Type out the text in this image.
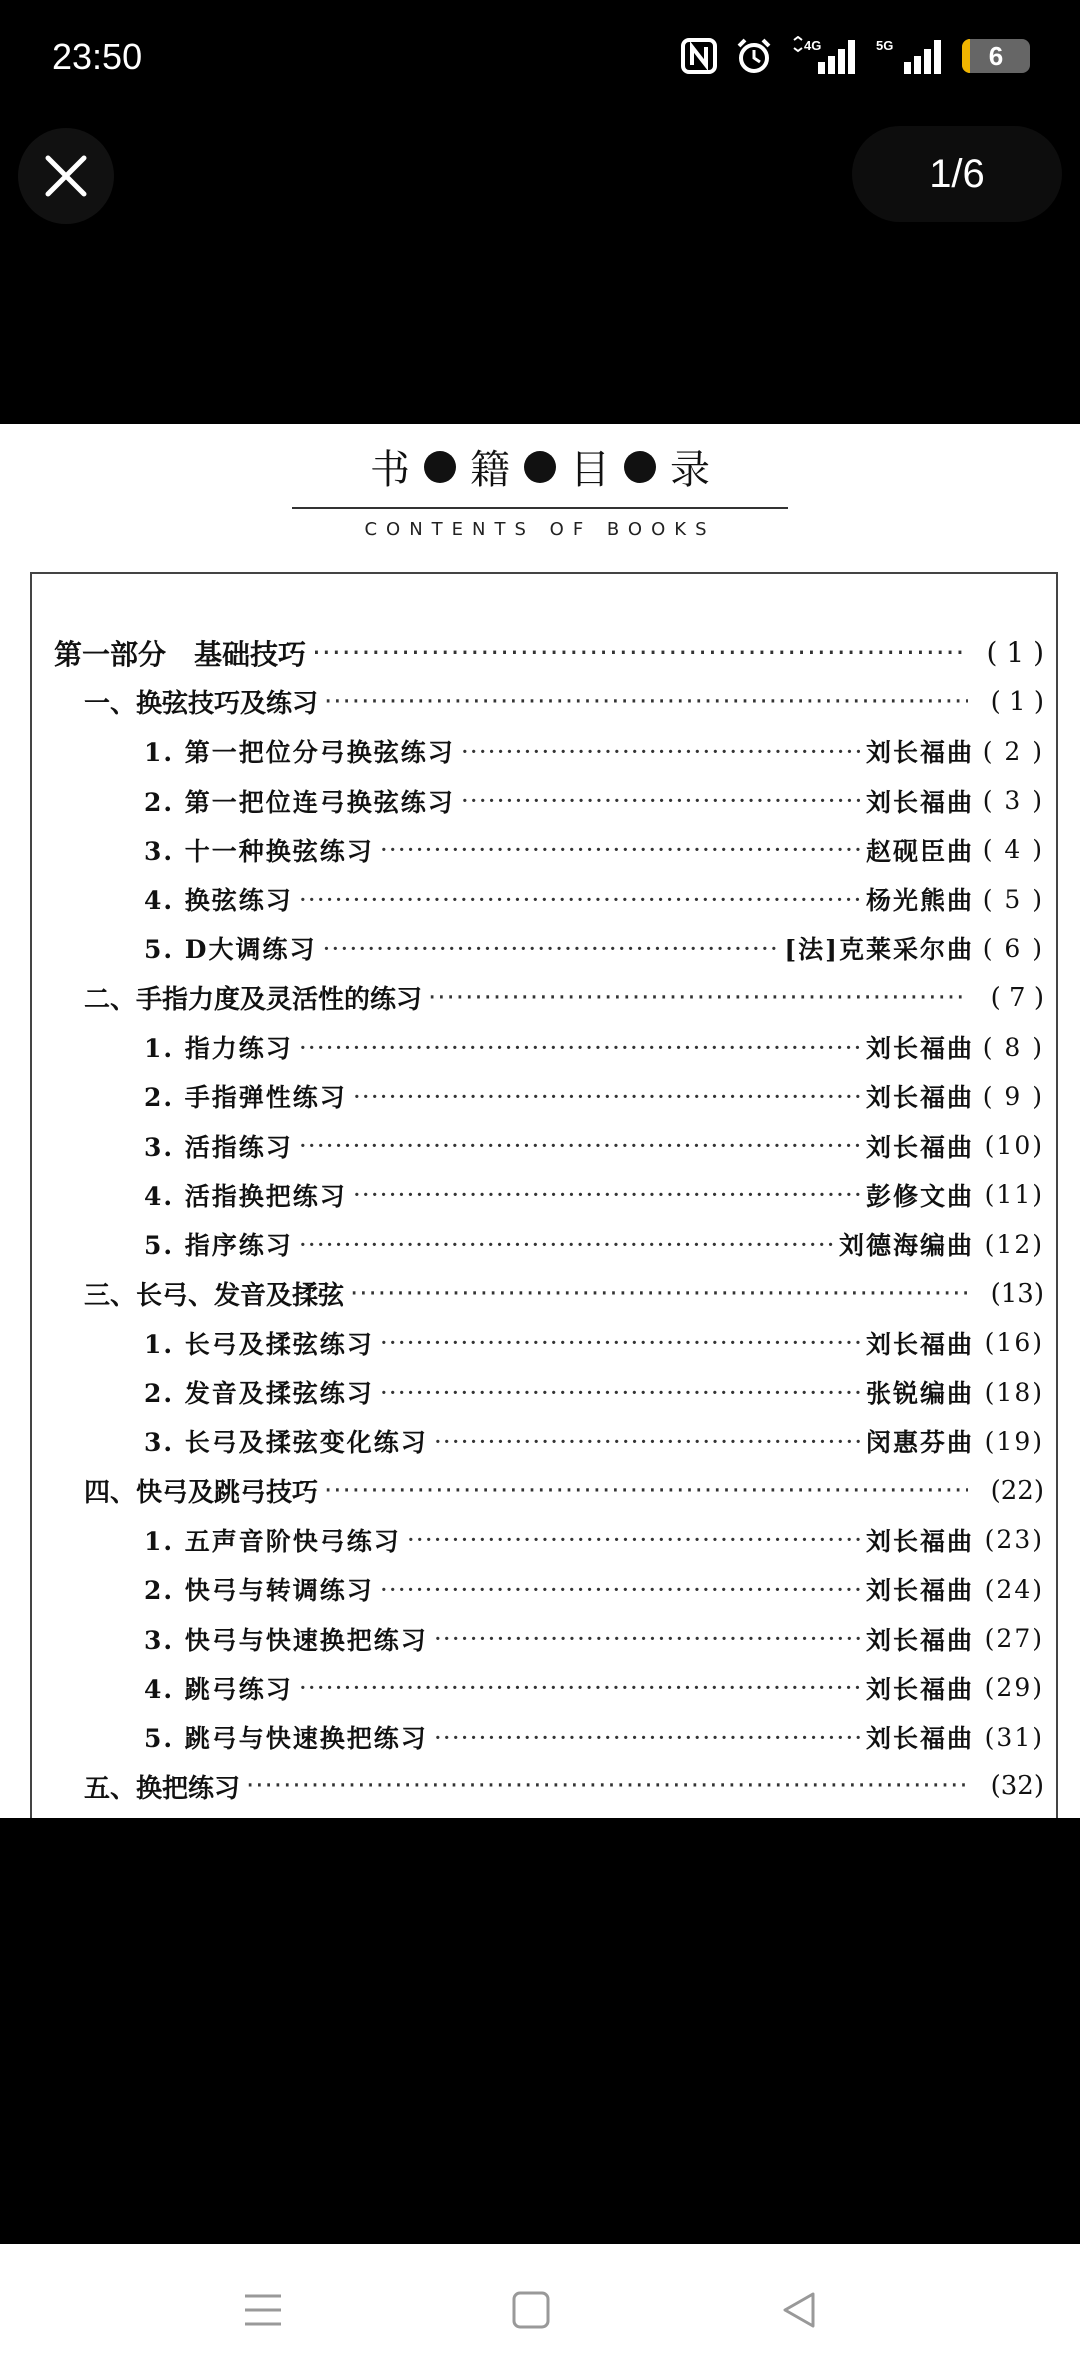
23:50	4G	5G	6
1/6
书 籍 目 录
CONTENTS OF BOOKS
第一部分　基础技巧 ·····	( 1 )
一、换弦技巧及练习 ·····	( 1 )
1. 第一把位分弓换弦练习 ·····	刘长福曲 ( 2 )
2. 第一把位连弓换弦练习 ·····	刘长福曲 ( 3 )
3. 十一种换弦练习 ·····	赵砚臣曲 ( 4 )
4. 换弦练习 ·····	杨光熊曲 ( 5 )
5. D大调练习 ·····	[法]克莱采尔曲 ( 6 )
二、手指力度及灵活性的练习 ·····	( 7 )
1. 指力练习 ·····	刘长福曲 ( 8 )
2. 手指弹性练习 ·····	刘长福曲 ( 9 )
3. 活指练习 ·····	刘长福曲 (10)
4. 活指换把练习 ·····	彭修文曲 (11)
5. 指序练习 ·····	刘德海编曲 (12)
三、长弓、发音及揉弦 ·····	(13)
1. 长弓及揉弦练习 ·····	刘长福曲 (16)
2. 发音及揉弦练习 ·····	张锐编曲 (18)
3. 长弓及揉弦变化练习 ·····	闵惠芬曲 (19)
四、快弓及跳弓技巧 ·····	(22)
1. 五声音阶快弓练习 ·····	刘长福曲 (23)
2. 快弓与转调练习 ·····	刘长福曲 (24)
3. 快弓与快速换把练习 ·····	刘长福曲 (27)
4. 跳弓练习 ·····	刘长福曲 (29)
5. 跳弓与快速换把练习 ·····	刘长福曲 (31)
五、换把练习 ·····	(32)
